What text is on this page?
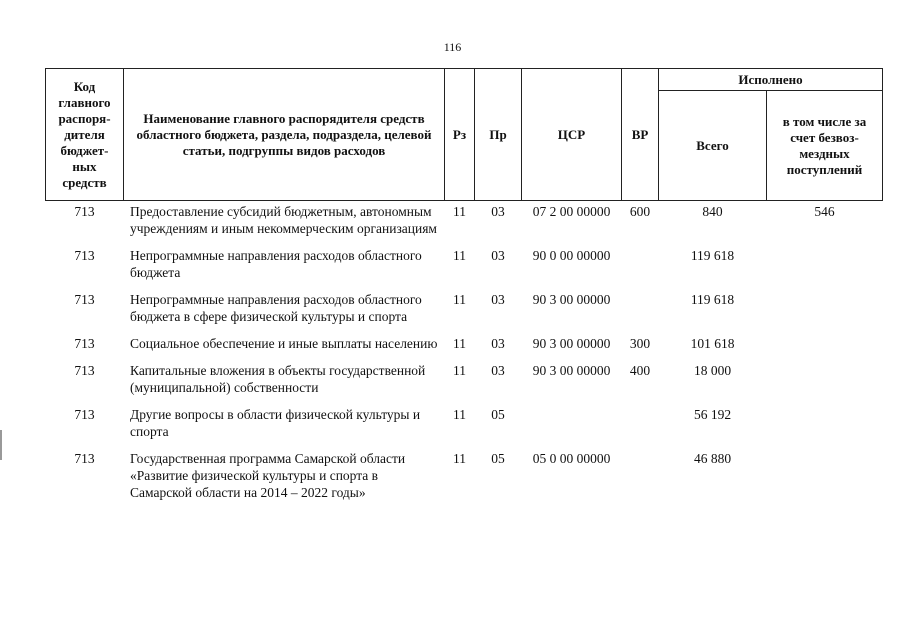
116
Код главного распоря-дителя бюджет-ных средств	Наименование главного распорядителя средств областного бюджета, раздела, подраздела, целевой статьи, подгруппы видов расходов	Рз	Пр	ЦСР	ВР	Исполнено	
						Всего	в том числе за счет безвоз-мездных поступлений
713	Предоставление субсидий бюджетным, автономным учреждениям и иным некоммерческим организациям	11	03	07 2 00 00000	600	840	546
713	Непрограммные направления расходов областного бюджета	11	03	90 0 00 00000		119 618	
713	Непрограммные направления расходов областного бюджета в сфере физической культуры и спорта	11	03	90 3 00 00000		119 618	
713	Социальное обеспечение и иные выплаты населению	11	03	90 3 00 00000	300	101 618	
713	Капитальные вложения в объекты государственной (муниципальной) собственности	11	03	90 3 00 00000	400	18 000	
713	Другие вопросы в области физической культуры и спорта	11	05			56 192	
713	Государственная программа Самарской области «Развитие физической культуры и спорта в Самарской области на 2014 – 2022 годы»	11	05	05 0 00 00000		46 880	
